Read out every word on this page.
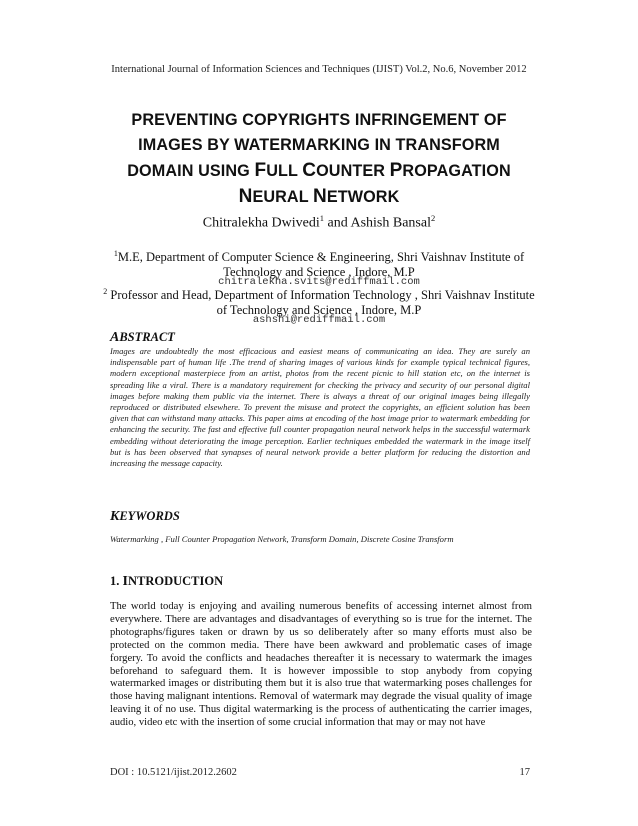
International Journal of Information Sciences and Techniques (IJIST) Vol.2, No.6, November 2012
PREVENTING COPYRIGHTS INFRINGEMENT OF
IMAGES BY WATERMARKING IN TRANSFORM
DOMAIN USING FULL COUNTER PROPAGATION
NEURAL NETWORK
Chitralekha Dwivedi$^1$ and Ashish Bansal$^2$
$^1$M.E, Department of Computer Science & Engineering, Shri Vaishnav Institute of
Technology and Science , Indore, M.P
chitralekha.svits@rediffmail.com
$^2$ Professor and Head, Department of Information Technology , Shri Vaishnav Institute
of Technology and Science , Indore, M.P
ashshi@rediffmail.com
ABSTRACT

Images are undoubtedly the most efficacious and easiest means of communicating an idea. They are surely an indispensable part of human life .The trend of sharing images of various kinds for example typical technical figures, modern exceptional masterpiece from an artist, photos from the recent picnic to hill station etc, on the internet is spreading like a viral. There is a mandatory requirement for checking the privacy and security of our personal digital images before making them public via the internet. There is always a threat of our original images being illegally reproduced or distributed elsewhere. To prevent the misuse and protect the copyrights, an efficient solution has been given that can withstand many attacks. This paper aims at encoding of the host image prior to watermark embedding for enhancing the security. The fast and effective full counter propagation neural network helps in the successful watermark embedding without deteriorating the image perception. Earlier techniques embedded the watermark in the image itself but is has been observed that synapses of neural network provide a better platform for reducing the distortion and increasing the message capacity.

KEYWORDS

Watermarking , Full Counter Propagation Network, Transform Domain, Discrete Cosine Transform

1. INTRODUCTION

The world today is enjoying and availing numerous benefits of accessing internet almost from everywhere. There are advantages and disadvantages of everything so is true for the internet. The photographs/figures taken or drawn by us so deliberately after so many efforts must also be protected on the common media. There have been awkward and problematic cases of image forgery. To avoid the conflicts and headaches thereafter it is necessary to watermark the images beforehand to safeguard them. It is however impossible to stop anybody from copying watermarked images or distributing them but it is also true that watermarking poses challenges for those having malignant intentions. Removal of watermark may degrade the visual quality of image leaving it of no use. Thus digital watermarking is the process of authenticating the carrier images, audio, video etc with the insertion of some crucial information that may or may not have

DOI : 10.5121/ijist.2012.2602	17
